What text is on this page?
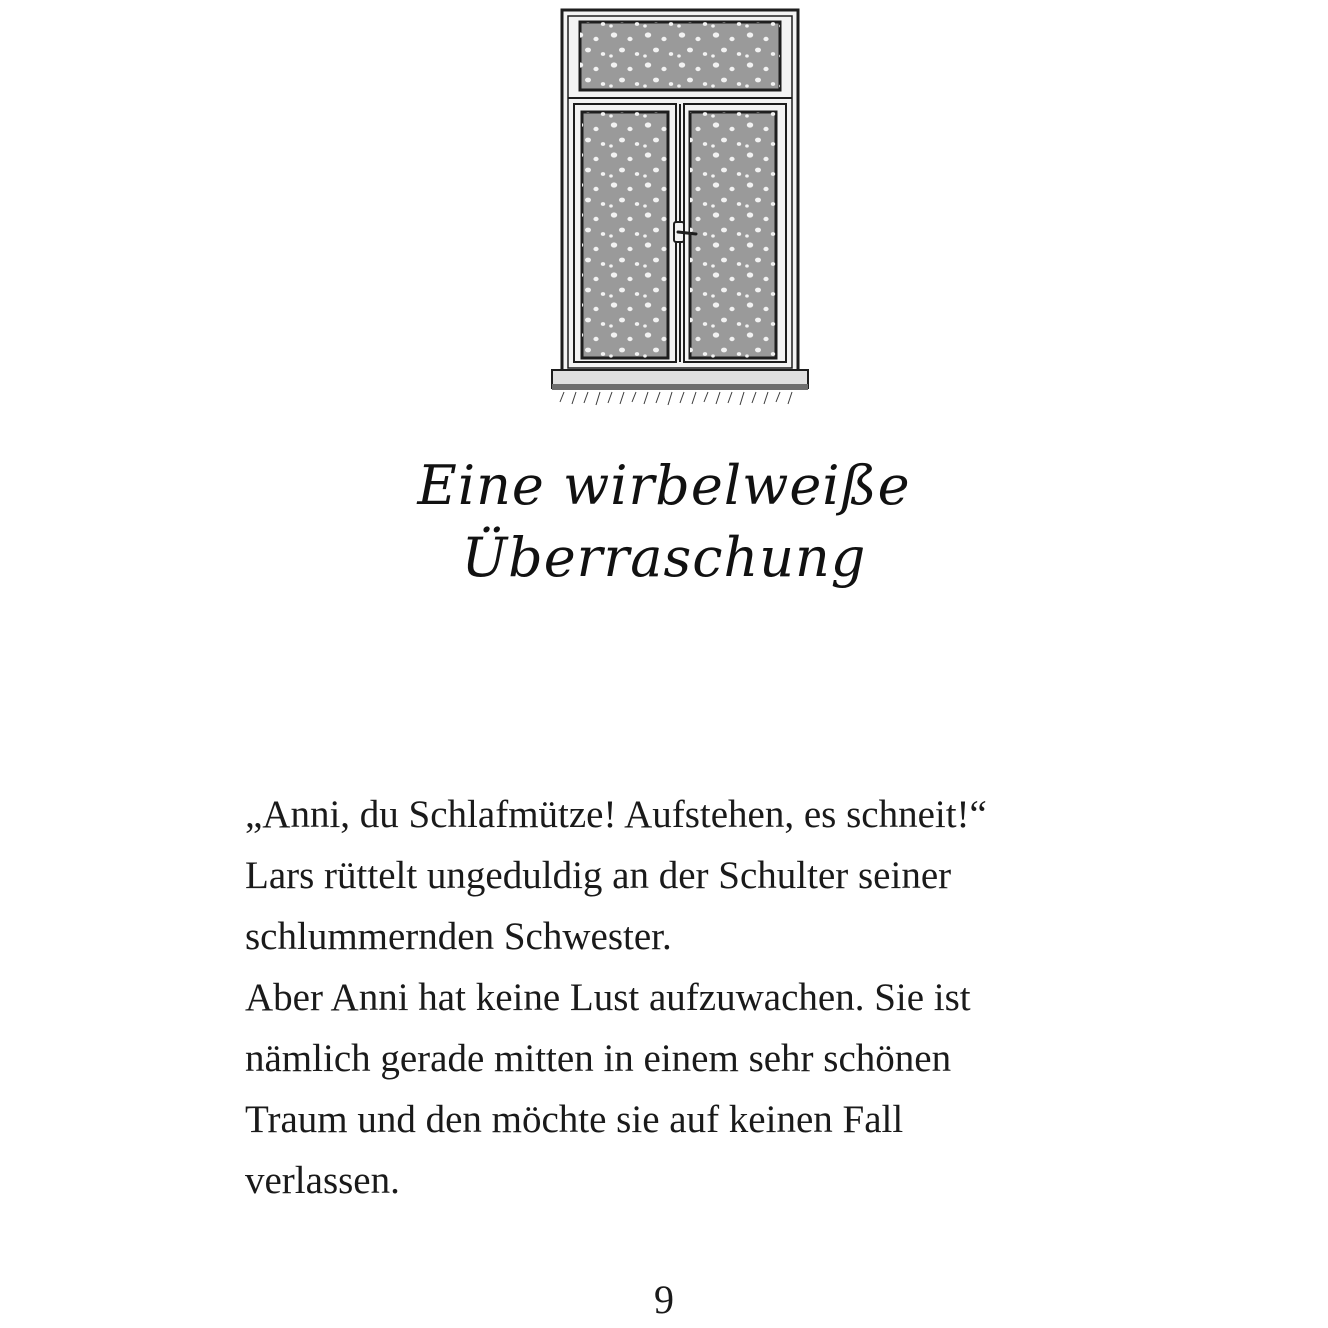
Eine wirbelweiße
Überraschung
„Anni, du Schlafmütze! Aufstehen, es schneit!“
Lars rüttelt ungeduldig an der Schulter seiner
schlummernden Schwester.
Aber Anni hat keine Lust aufzuwachen. Sie ist
nämlich gerade mitten in einem sehr schönen
Traum und den möchte sie auf keinen Fall
verlassen.
9
